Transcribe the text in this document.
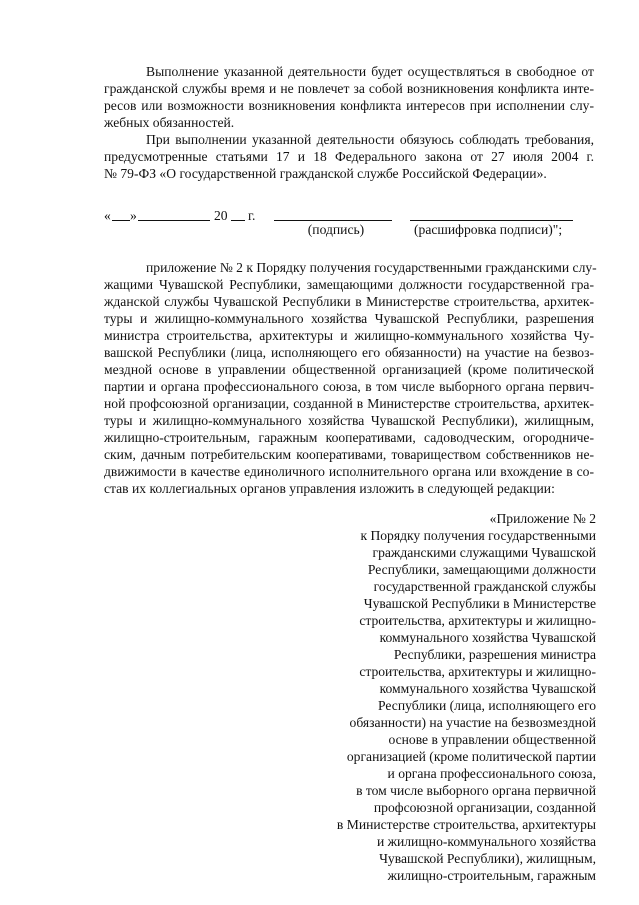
Выполнение указанной деятельности будет осуществляться в свободное от
гражданской службы время и не повлечет за собой возникновения конфликта инте-
ресов или возможности возникновения конфликта интересов при исполнении слу-
жебных обязанностей.
При выполнении указанной деятельности обязуюсь соблюдать требования,
предусмотренные статьями 17 и 18 Федерального закона от 27 июля 2004 г.
№ 79-ФЗ «О государственной гражданской службе Российской Федерации».
« »	20 г.
(подпись)	(расшифровка подписи)";
приложение № 2 к Порядку получения государственными гражданскими слу-
жащими Чувашской Республики, замещающими должности государственной гра-
жданской службы Чувашской Республики в Министерстве строительства, архитек-
туры и жилищно-коммунального хозяйства Чувашской Республики, разрешения
министра строительства, архитектуры и жилищно-коммунального хозяйства Чу-
вашской Республики (лица, исполняющего его обязанности) на участие на безвоз-
мездной основе в управлении общественной организацией (кроме политической
партии и органа профессионального союза, в том числе выборного органа первич-
ной профсоюзной организации, созданной в Министерстве строительства, архитек-
туры и жилищно-коммунального хозяйства Чувашской Республики), жилищным,
жилищно-строительным, гаражным кооперативами, садоводческим, огородниче-
ским, дачным потребительским кооперативами, товариществом собственников не-
движимости в качестве единоличного исполнительного органа или вхождение в со-
став их коллегиальных органов управления изложить в следующей редакции:
«Приложение № 2
к Порядку получения государственными
гражданскими служащими Чувашской
Республики, замещающими должности
государственной гражданской службы
Чувашской Республики в Министерстве
строительства, архитектуры и жилищно-
коммунального хозяйства Чувашской
Республики, разрешения министра
строительства, архитектуры и жилищно-
коммунального хозяйства Чувашской
Республики (лица, исполняющего его
обязанности) на участие на безвозмездной
основе в управлении общественной
организацией (кроме политической партии
и органа профессионального союза,
в том числе выборного органа первичной
профсоюзной организации, созданной
в Министерстве строительства, архитектуры
и жилищно-коммунального хозяйства
Чувашской Республики), жилищным,
жилищно-строительным, гаражным
